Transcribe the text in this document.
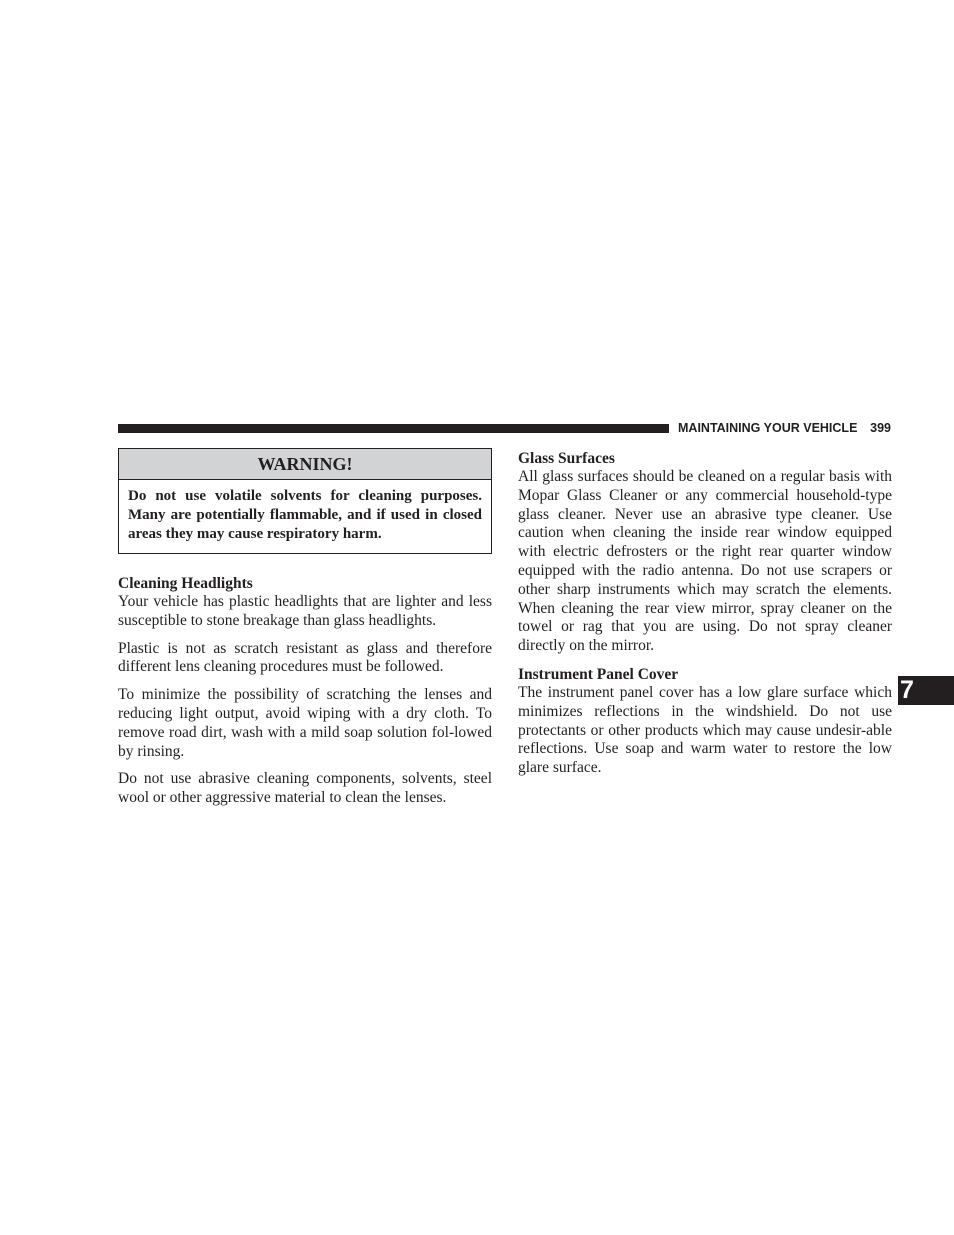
MAINTAINING YOUR VEHICLE 399
WARNING!
Do not use volatile solvents for cleaning purposes. Many are potentially flammable, and if used in closed areas they may cause respiratory harm.
Cleaning Headlights

Your vehicle has plastic headlights that are lighter and less susceptible to stone breakage than glass headlights.

Plastic is not as scratch resistant as glass and therefore different lens cleaning procedures must be followed.

To minimize the possibility of scratching the lenses and reducing light output, avoid wiping with a dry cloth. To remove road dirt, wash with a mild soap solution fol-lowed by rinsing.

Do not use abrasive cleaning components, solvents, steel wool or other aggressive material to clean the lenses.

Glass Surfaces

All glass surfaces should be cleaned on a regular basis with Mopar Glass Cleaner or any commercial household-type glass cleaner. Never use an abrasive type cleaner. Use caution when cleaning the inside rear window equipped with electric defrosters or the right rear quarter window equipped with the radio antenna. Do not use scrapers or other sharp instruments which may scratch the elements. When cleaning the rear view mirror, spray cleaner on the towel or rag that you are using. Do not spray cleaner directly on the mirror.

Instrument Panel Cover

The instrument panel cover has a low glare surface which minimizes reflections in the windshield. Do not use protectants or other products which may cause undesir-able reflections. Use soap and warm water to restore the low glare surface.

7
